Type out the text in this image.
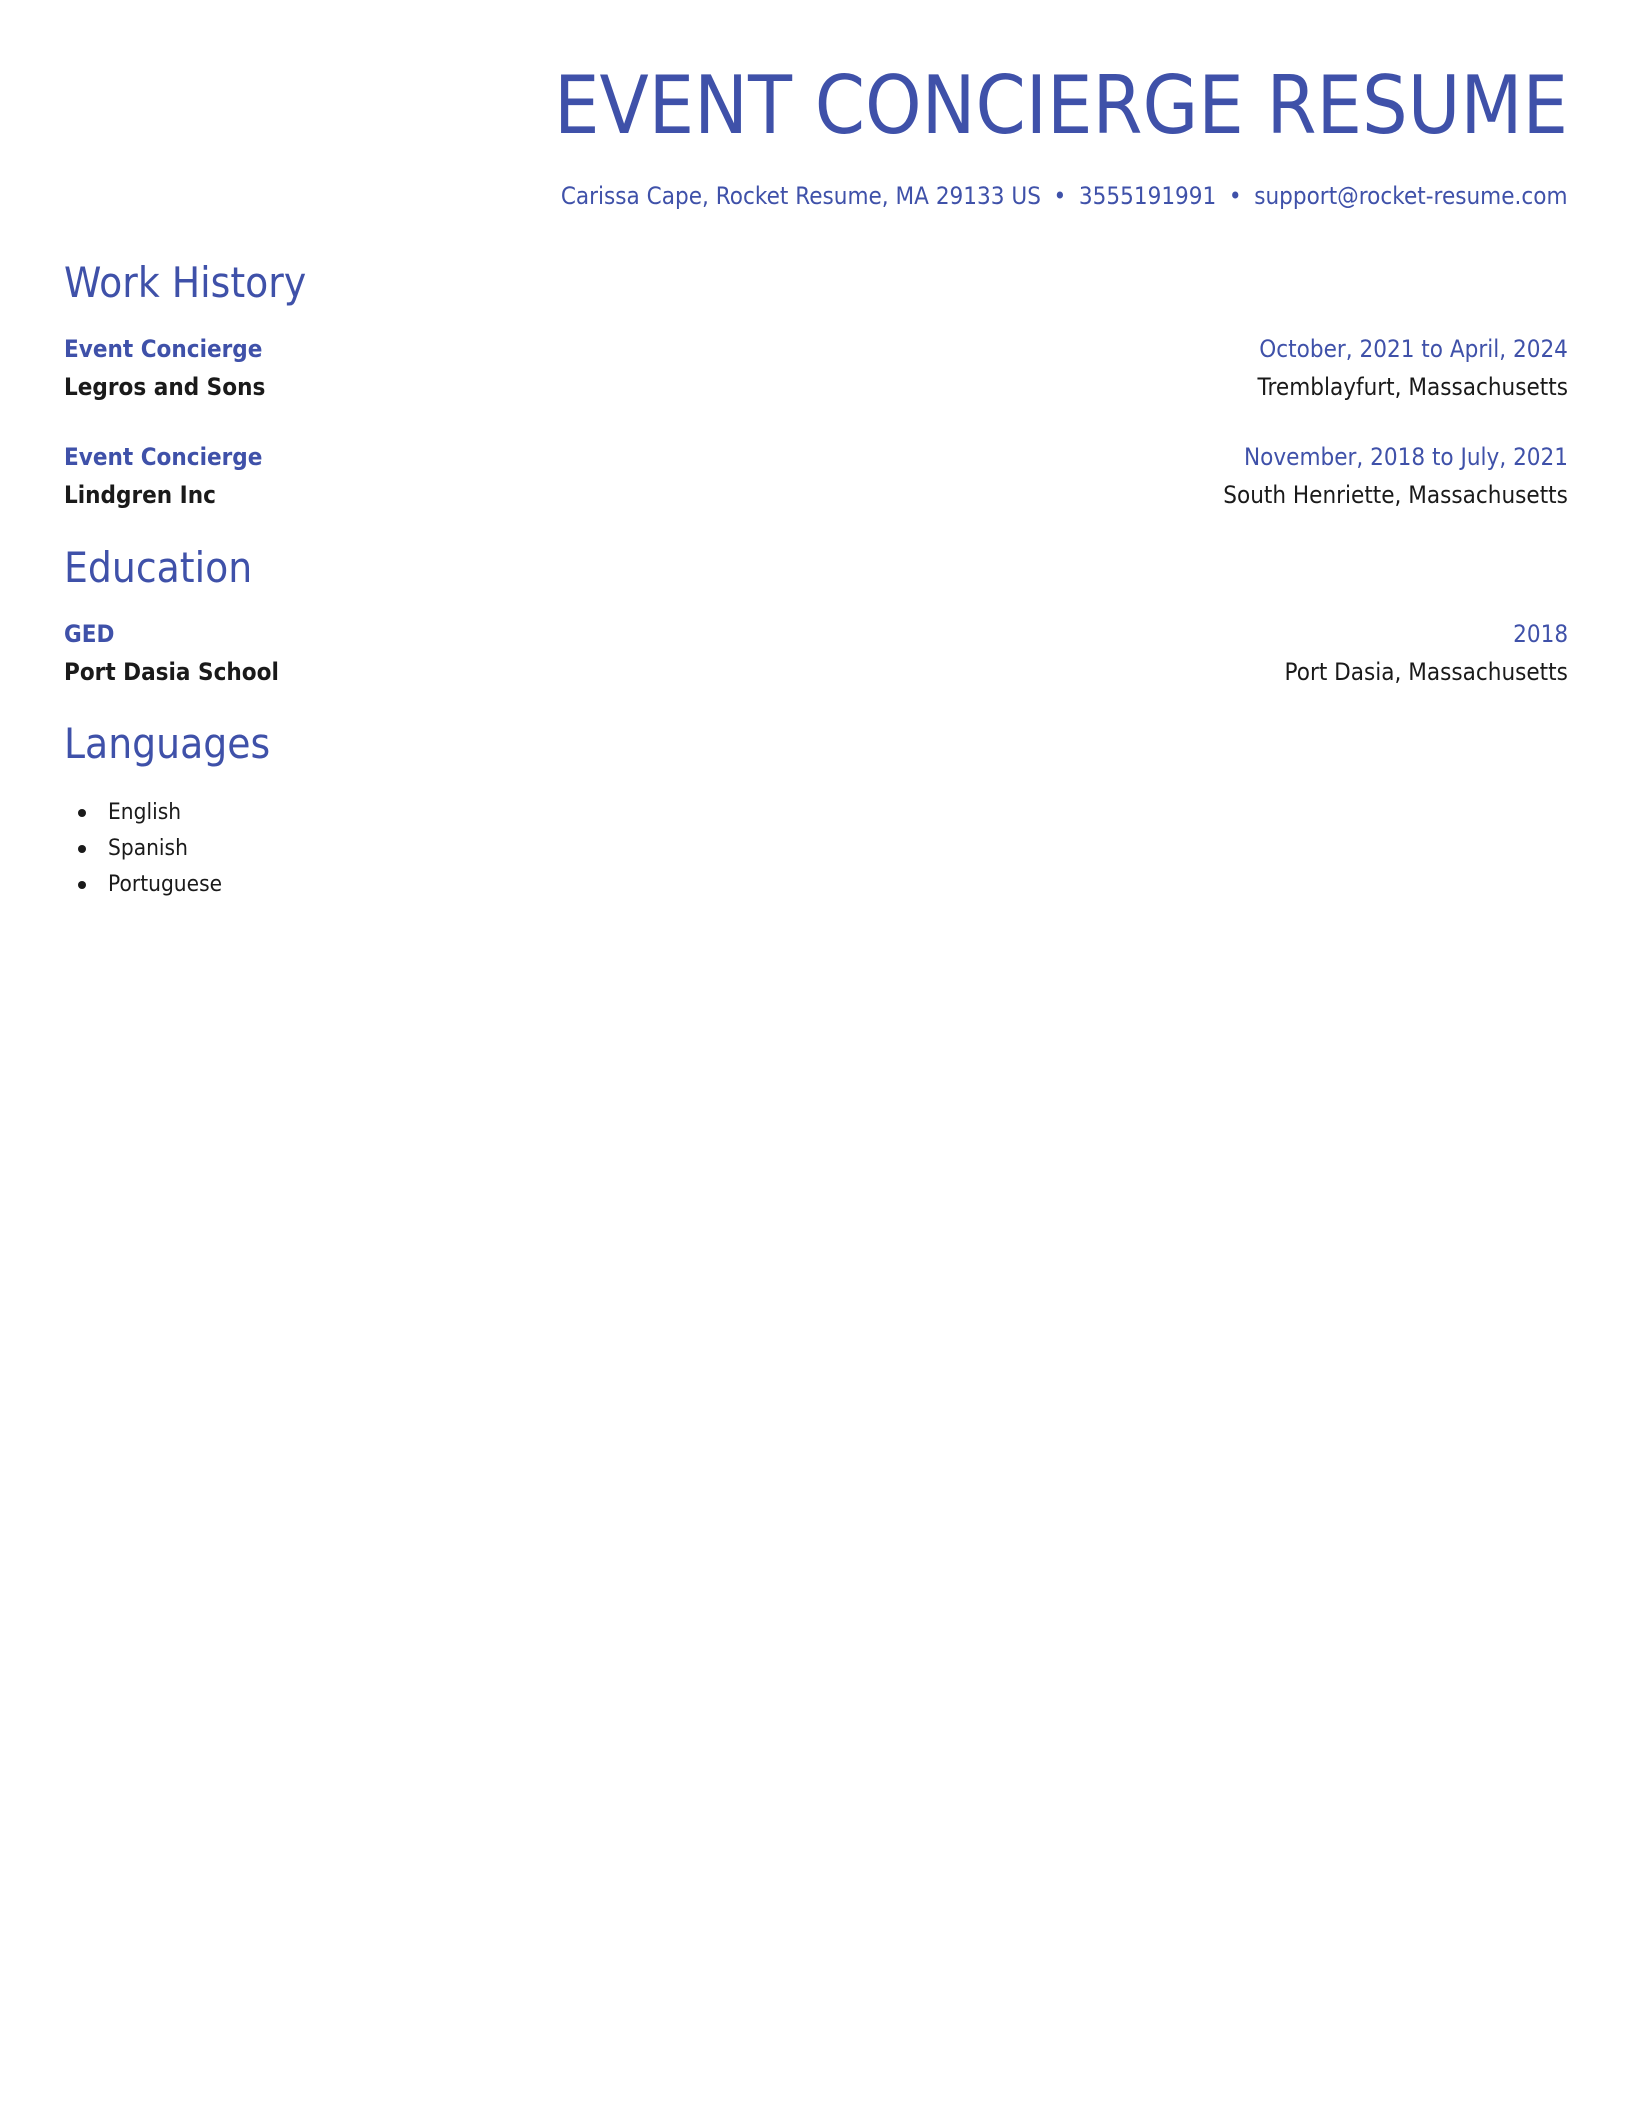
EVENT CONCIERGE RESUME
Carissa Cape, Rocket Resume, MA 29133 US • 3555191991 • support@rocket-resume.com
Work History
Event Concierge	October, 2021 to April, 2024
Legros and Sons	Tremblayfurt, Massachusetts
Event Concierge	November, 2018 to July, 2021
Lindgren Inc	South Henriette, Massachusetts
Education
GED	2018
Port Dasia School	Port Dasia, Massachusetts
Languages
English
Spanish
Portuguese
